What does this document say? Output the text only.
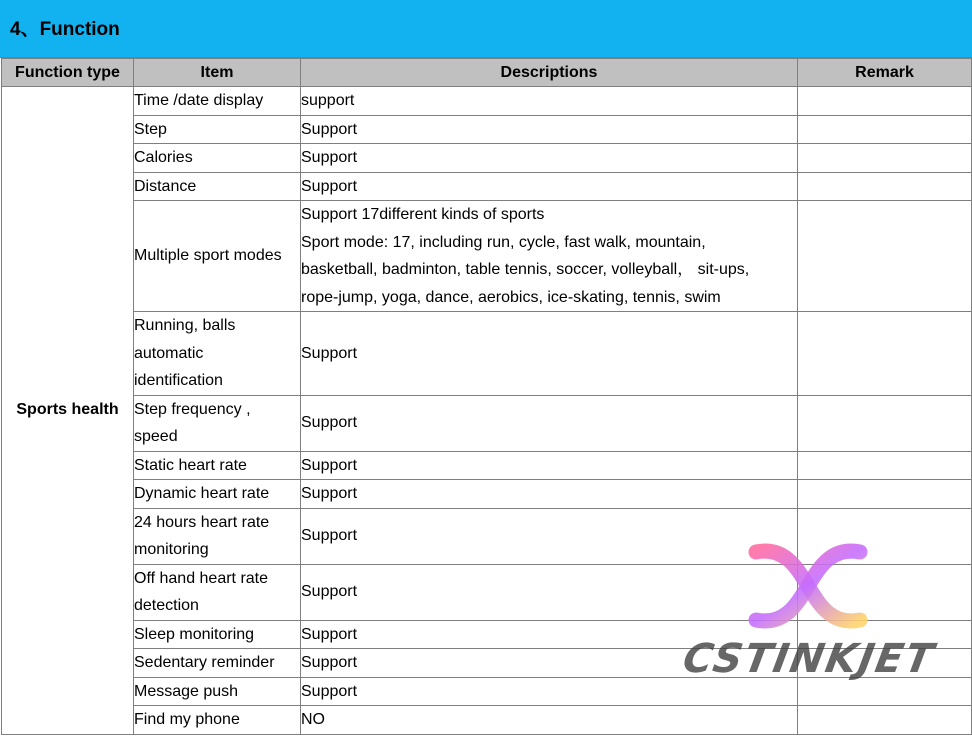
4、Function
Function type	Item	Descriptions	Remark
Sports health	Time /date display	support	

	Step	Support	

	Calories	Support	

	Distance	Support	

	Multiple sport modes	Support 17different kinds of sports
Sport mode: 17, including run, cycle, fast walk, mountain,
basketball, badminton, table tennis, soccer, volleyball， sit-ups,
rope-jump, yoga, dance, aerobics, ice-skating, tennis, swim	

	Running, balls
automatic
identification	Support	

	Step frequency ,
speed	Support	

	Static heart rate	Support	

	Dynamic heart rate	Support	

	24 hours heart rate
monitoring	Support	

	Off hand heart rate
detection	Support	

	Sleep monitoring	Support	

	Sedentary reminder	Support	

	Message push	Support	

	Find my phone	NO	

CSTINKJET
